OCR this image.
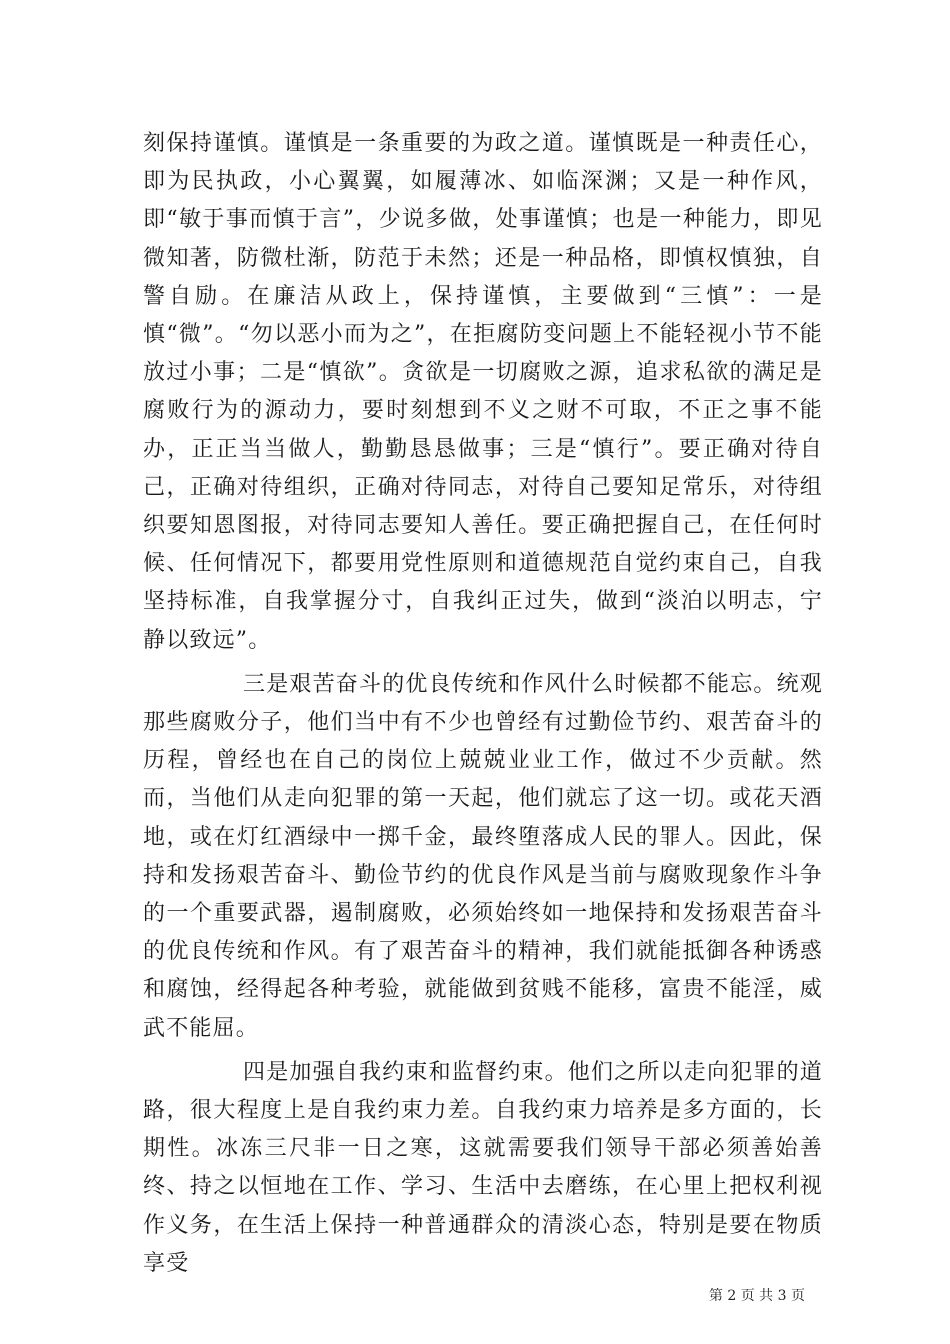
刻保持谨慎。谨慎是一条重要的为政之道。谨慎既是一种责任心，即为民执政，小心翼翼，如履薄冰、如临深渊；又是一种作风，即“敏于事而慎于言”，少说多做，处事谨慎；也是一种能力，即见微知著，防微杜渐，防范于未然；还是一种品格，即慎权慎独，自警自励。在廉洁从政上，保持谨慎，主要做到“三慎”：一是慎“微”。“勿以恶小而为之”，在拒腐防变问题上不能轻视小节不能放过小事；二是“慎欲”。贪欲是一切腐败之源，追求私欲的满足是腐败行为的源动力，要时刻想到不义之财不可取，不正之事不能办，正正当当做人，勤勤恳恳做事；三是“慎行”。要正确对待自己，正确对待组织，正确对待同志，对待自己要知足常乐，对待组织要知恩图报，对待同志要知人善任。要正确把握自己，在任何时候、任何情况下，都要用党性原则和道德规范自觉约束自己，自我坚持标准，自我掌握分寸，自我纠正过失，做到“淡泊以明志，宁静以致远”。

三是艰苦奋斗的优良传统和作风什么时候都不能忘。统观那些腐败分子，他们当中有不少也曾经有过勤俭节约、艰苦奋斗的历程，曾经也在自己的岗位上兢兢业业工作，做过不少贡献。然而，当他们从走向犯罪的第一天起，他们就忘了这一切。或花天酒地，或在灯红酒绿中一掷千金，最终堕落成人民的罪人。因此，保持和发扬艰苦奋斗、勤俭节约的优良作风是当前与腐败现象作斗争的一个重要武器，遏制腐败，必须始终如一地保持和发扬艰苦奋斗的优良传统和作风。有了艰苦奋斗的精神，我们就能抵御各种诱惑和腐蚀，经得起各种考验，就能做到贫贱不能移，富贵不能淫，威武不能屈。

四是加强自我约束和监督约束。他们之所以走向犯罪的道路，很大程度上是自我约束力差。自我约束力培养是多方面的，长期性。冰冻三尺非一日之寒，这就需要我们领导干部必须善始善终、持之以恒地在工作、学习、生活中去磨练，在心里上把权利视作义务，在生活上保持一种普通群众的清淡心态，特别是要在物质享受

第 2 页 共 3 页
